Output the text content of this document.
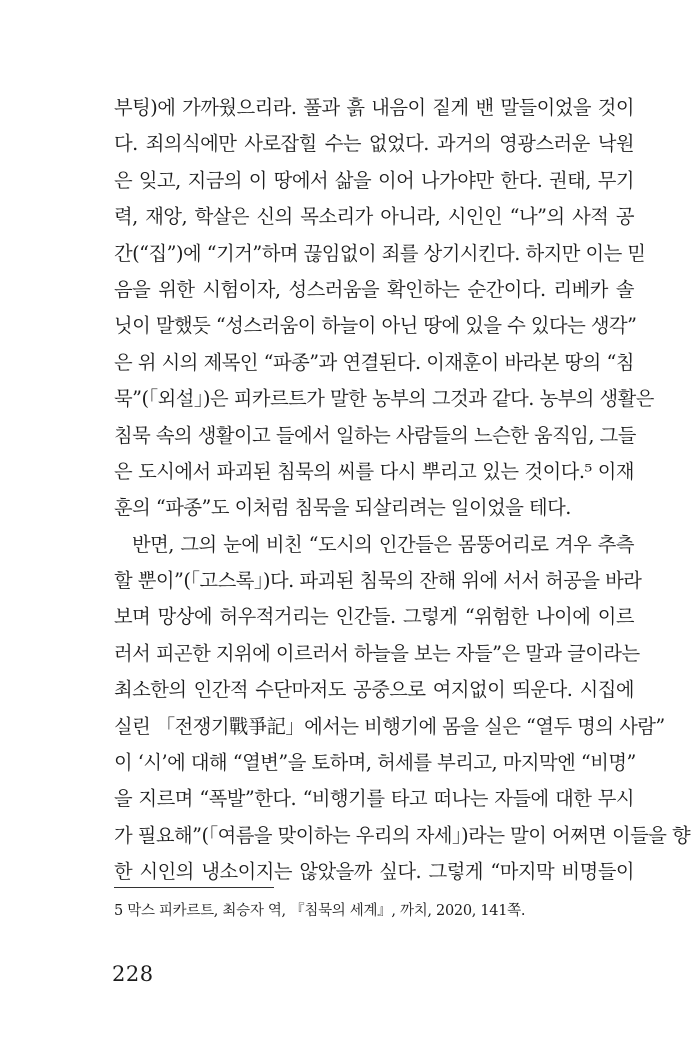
부팅)에 가까웠으리라. 풀과 흙 내음이 짙게 밴 말들이었을 것이
다. 죄의식에만 사로잡힐 수는 없었다. 과거의 영광스러운 낙원
은 잊고, 지금의 이 땅에서 삶을 이어 나가야만 한다. 권태, 무기
력, 재앙, 학살은 신의 목소리가 아니라, 시인인 “나”의 사적 공
간(“집”)에 “기거”하며 끊임없이 죄를 상기시킨다. 하지만 이는 믿
음을 위한 시험이자, 성스러움을 확인하는 순간이다. 리베카 솔
닛이 말했듯 “성스러움이 하늘이 아닌 땅에 있을 수 있다는 생각”
은 위 시의 제목인 “파종”과 연결된다. 이재훈이 바라본 땅의 “침
묵”(「외설」)은 피카르트가 말한 농부의 그것과 같다. 농부의 생활은
침묵 속의 생활이고 들에서 일하는 사람들의 느슨한 움직임, 그들
은 도시에서 파괴된 침묵의 씨를 다시 뿌리고 있는 것이다.⁵ 이재
훈의 “파종”도 이처럼 침묵을 되살리려는 일이었을 테다.
반면, 그의 눈에 비친 “도시의 인간들은 몸뚱어리로 겨우 추측
할 뿐이”(「고스록」)다. 파괴된 침묵의 잔해 위에 서서 허공을 바라
보며 망상에 허우적거리는 인간들. 그렇게 “위험한 나이에 이르
러서 피곤한 지위에 이르러서 하늘을 보는 자들”은 말과 글이라는
최소한의 인간적 수단마저도 공중으로 여지없이 띄운다. 시집에
실린 「전쟁기戰爭記」에서는 비행기에 몸을 실은 “열두 명의 사람”
이 ‘시’에 대해 “열변”을 토하며, 허세를 부리고, 마지막엔 “비명”
을 지르며 “폭발”한다. “비행기를 타고 떠나는 자들에 대한 무시
가 필요해”(「여름을 맞이하는 우리의 자세」)라는 말이 어쩌면 이들을 향
한 시인의 냉소이지는 않았을까 싶다. 그렇게 “마지막 비명들이
5 막스 피카르트, 최승자 역, 『침묵의 세계』, 까치, 2020, 141쪽.
228
